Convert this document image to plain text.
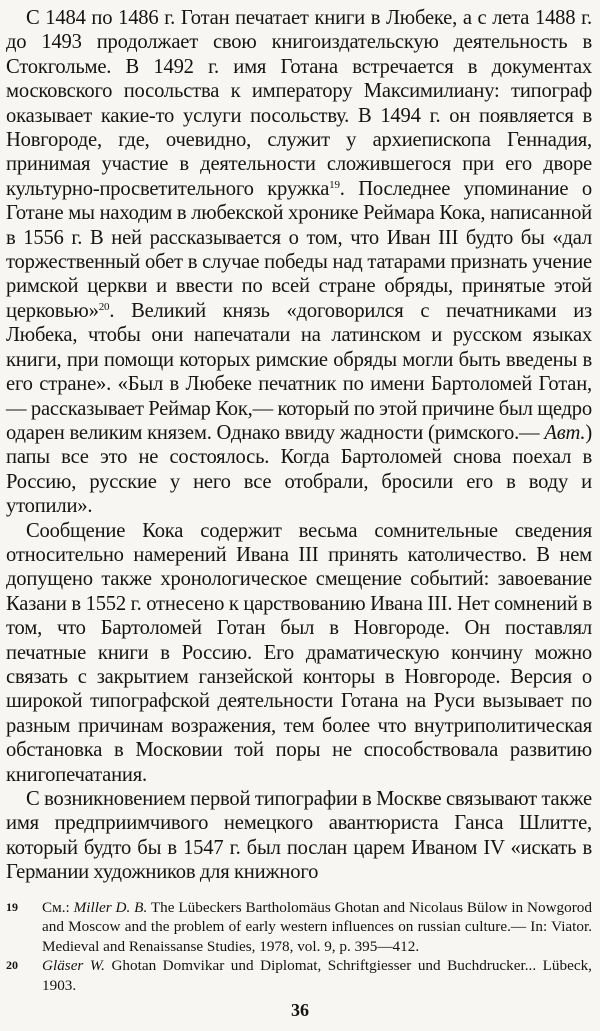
С 1484 по 1486 г. Готан печатает книги в Любеке, а с лета 1488 г. до 1493 продолжает свою книгоиздательскую деятельность в Стокгольме. В 1492 г. имя Готана встречается в документах московского посольства к императору Максимилиану: типограф оказывает какие-то услуги посольству. В 1494 г. он появляется в Новгороде, где, очевидно, служит у архиепископа Геннадия, принимая участие в деятельности сложившегося при его дворе культурно-просветительного кружка$^{19}$. Последнее упоминание о Готане мы находим в любекской хронике Реймара Кока, написанной в 1556 г. В ней рассказывается о том, что Иван III будто бы «дал торжественный обет в случае победы над татарами признать учение римской церкви и ввести по всей стране обряды, принятые этой церковью»$^{20}$. Великий князь «договорился с печатниками из Любека, чтобы они напечатали на латинском и русском языках книги, при помощи которых римские обряды могли быть введены в его стране». «Был в Любеке печатник по имени Бартоломей Готан,— рассказывает Реймар Кок,— который по этой причине был щедро одарен великим князем. Однако ввиду жадности (римского.— Авт.) папы все это не состоялось. Когда Бартоломей снова поехал в Россию, русские у него все отобрали, бросили его в воду и утопили».

Сообщение Кока содержит весьма сомнительные сведения относительно намерений Ивана III принять католичество. В нем допущено также хронологическое смещение событий: завоевание Казани в 1552 г. отнесено к царствованию Ивана III. Нет сомнений в том, что Бартоломей Готан был в Новгороде. Он поставлял печатные книги в Россию. Его драматическую кончину можно связать с закрытием ганзейской конторы в Новгороде. Версия о широкой типографской деятельности Готана на Руси вызывает по разным причинам возражения, тем более что внутриполитическая обстановка в Московии той поры не способствовала развитию книгопечатания.

С возникновением первой типографии в Москве связывают также имя предприимчивого немецкого авантюриста Ганса Шлитте, который будто бы в 1547 г. был послан царем Иваном IV «искать в Германии художников для книжного

19 См.: Miller D. B. The Lübeckers Bartholomäus Ghotan and Nicolaus Bülow in Nowgorod and Moscow and the problem of early western influences on russian culture.— In: Viator. Medieval and Renaissanse Studies, 1978, vol. 9, p. 395—412.

20 Gläser W. Ghotan Domvikar und Diplomat, Schriftgiesser und Buchdrucker... Lübeck, 1903.

36
